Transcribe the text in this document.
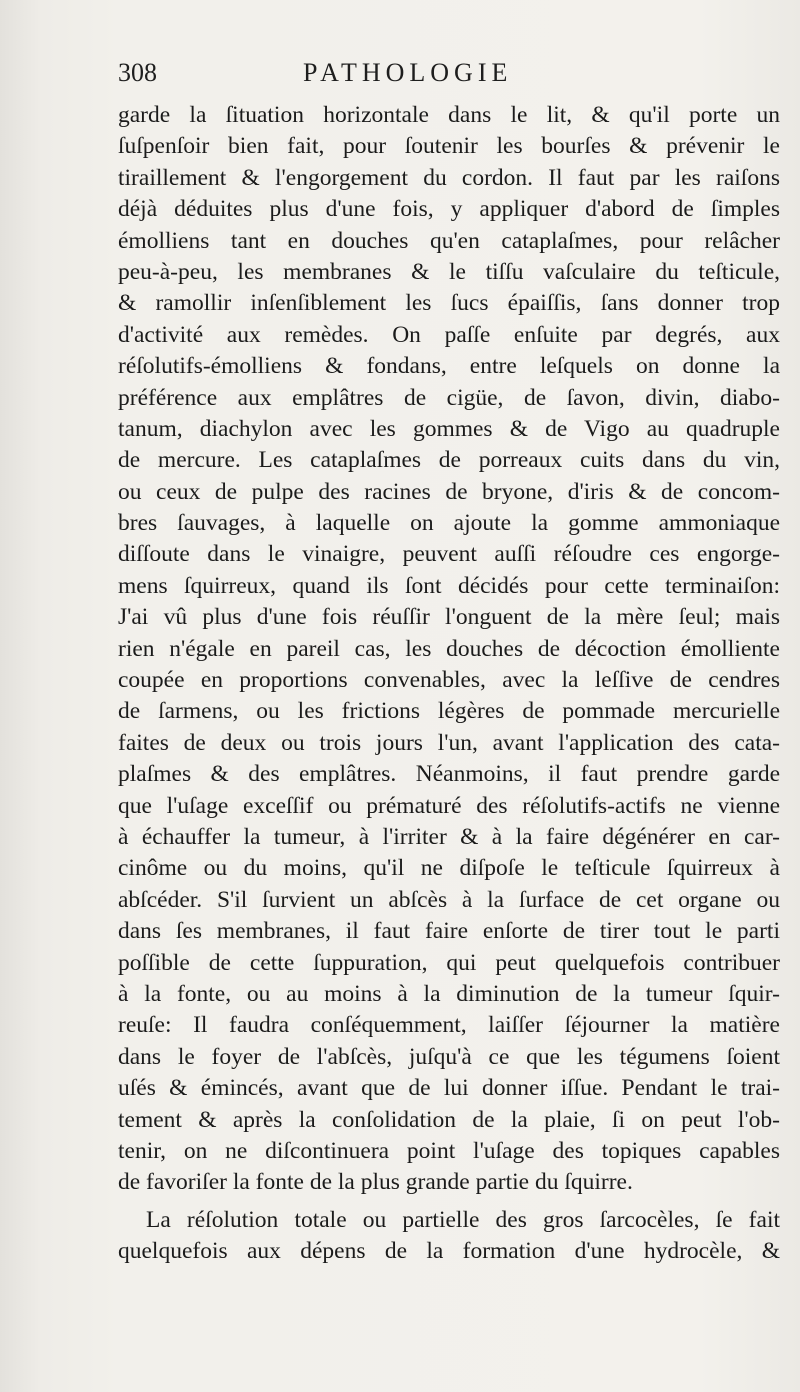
308	PATHOLOGIE
garde la ſituation horizontale dans le lit, & qu'il porte un
ſuſpenſoir bien fait, pour ſoutenir les bourſes & prévenir le
tiraillement & l'engorgement du cordon. Il faut par les raiſons
déjà déduites plus d'une fois, y appliquer d'abord de ſimples
émolliens tant en douches qu'en cataplaſmes, pour relâcher
peu-à-peu, les membranes & le tiſſu vaſculaire du teſticule,
& ramollir inſenſiblement les ſucs épaiſſis, ſans donner trop
d'activité aux remèdes. On paſſe enſuite par degrés, aux
réſolutifs-émolliens & fondans, entre leſquels on donne la
préférence aux emplâtres de cigüe, de ſavon, divin, diabo-
tanum, diachylon avec les gommes & de Vigo au quadruple
de mercure. Les cataplaſmes de porreaux cuits dans du vin,
ou ceux de pulpe des racines de bryone, d'iris & de concom-
bres ſauvages, à laquelle on ajoute la gomme ammoniaque
diſſoute dans le vinaigre, peuvent auſſi réſoudre ces engorge-
mens ſquirreux, quand ils ſont décidés pour cette terminaiſon:
J'ai vû plus d'une fois réuſſir l'onguent de la mère ſeul; mais
rien n'égale en pareil cas, les douches de décoction émolliente
coupée en proportions convenables, avec la leſſive de cendres
de ſarmens, ou les frictions légères de pommade mercurielle
faites de deux ou trois jours l'un, avant l'application des cata-
plaſmes & des emplâtres. Néanmoins, il faut prendre garde
que l'uſage exceſſif ou prématuré des réſolutifs-actifs ne vienne
à échauffer la tumeur, à l'irriter & à la faire dégénérer en car-
cinôme ou du moins, qu'il ne diſpoſe le teſticule ſquirreux à
abſcéder. S'il ſurvient un abſcès à la ſurface de cet organe ou
dans ſes membranes, il faut faire enſorte de tirer tout le parti
poſſible de cette ſuppuration, qui peut quelquefois contribuer
à la fonte, ou au moins à la diminution de la tumeur ſquir-
reuſe: Il faudra conſéquemment, laiſſer ſéjourner la matière
dans le foyer de l'abſcès, juſqu'à ce que les tégumens ſoient
uſés & émincés, avant que de lui donner iſſue. Pendant le trai-
tement & après la conſolidation de la plaie, ſi on peut l'ob-
tenir, on ne diſcontinuera point l'uſage des topiques capables
de favoriſer la fonte de la plus grande partie du ſquirre.
La réſolution totale ou partielle des gros ſarcocèles, ſe fait
quelquefois aux dépens de la formation d'une hydrocèle, &
